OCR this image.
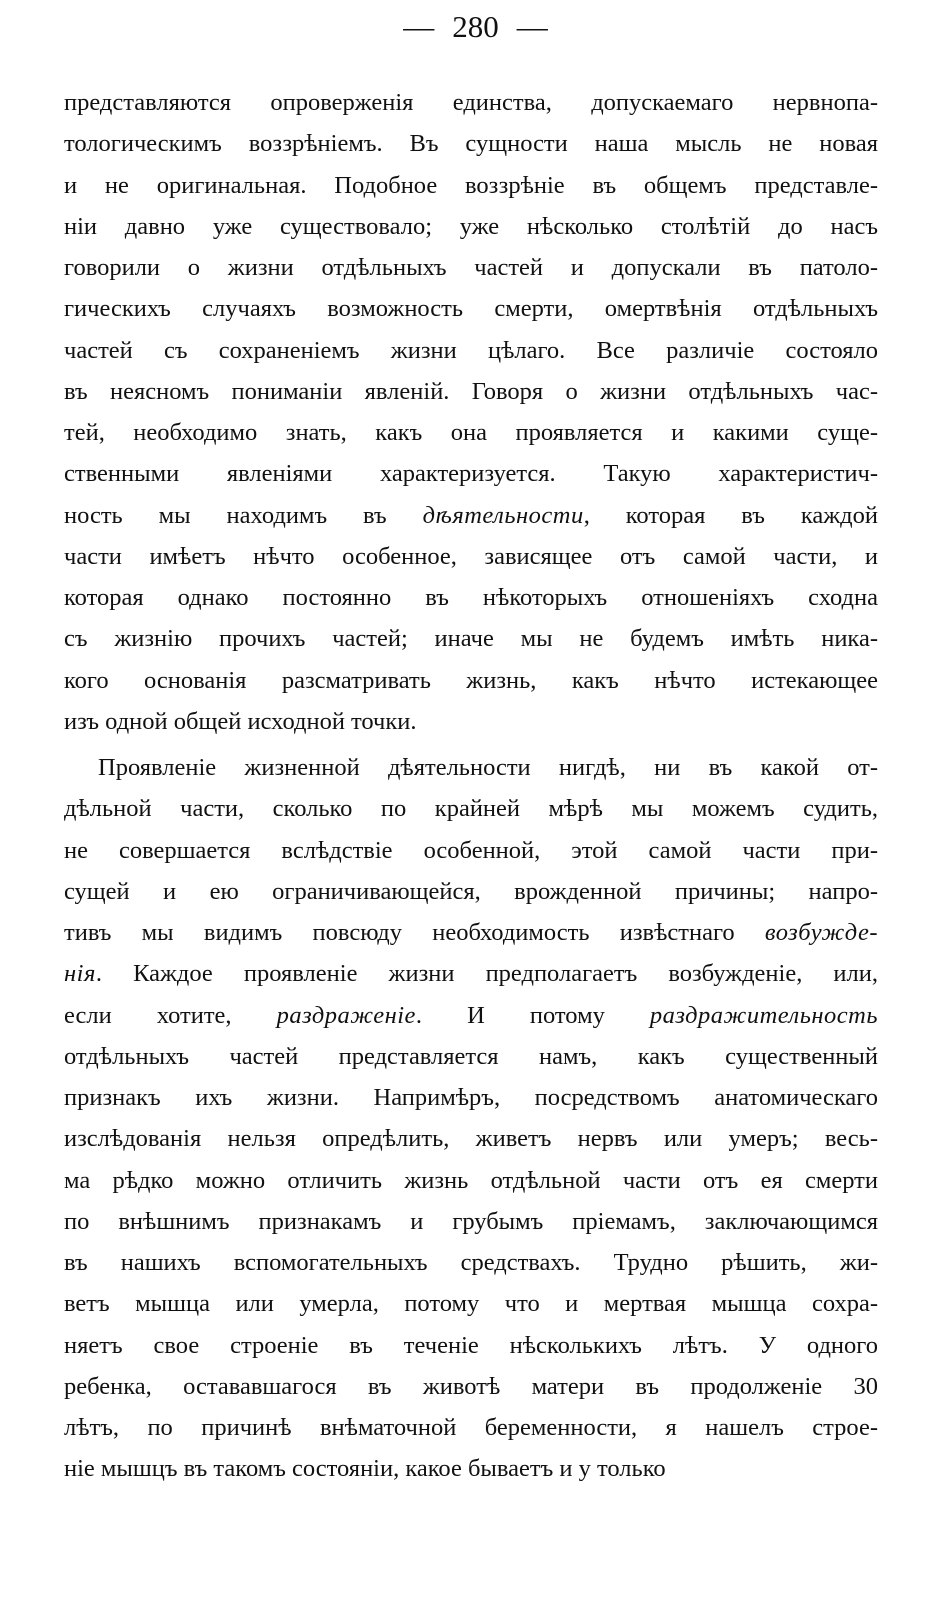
— 280 —
представляются опроверженія единства, допускаемаго нервнопа-
тологическимъ воззрѣніемъ. Въ сущности наша мысль не новая
и не оригинальная. Подобное воззрѣніе въ общемъ представле-
ніи давно уже существовало; уже нѣсколько столѣтій до насъ
говорили о жизни отдѣльныхъ частей и допускали въ патоло-
гическихъ случаяхъ возможность смерти, омертвѣнія отдѣльныхъ
частей съ сохраненіемъ жизни цѣлаго. Все различіе состояло
въ неясномъ пониманіи явленій. Говоря о жизни отдѣльныхъ час-
тей, необходимо знать, какъ она проявляется и какими суще-
ственными явленіями характеризуется. Такую характеристич-
ность мы находимъ въ дѣятельности, которая въ каждой
части имѣетъ нѣчто особенное, зависящее отъ самой части, и
которая однако постоянно въ нѣкоторыхъ отношеніяхъ сходна
съ жизнію прочихъ частей; иначе мы не будемъ имѣть ника-
кого основанія разсматривать жизнь, какъ нѣчто истекающее
изъ одной общей исходной точки.
Проявленіе жизненной дѣятельности нигдѣ, ни въ какой от-
дѣльной части, сколько по крайней мѣрѣ мы можемъ судить,
не совершается вслѣдствіе особенной, этой самой части при-
сущей и ею ограничивающейся, врожденной причины; напро-
тивъ мы видимъ повсюду необходимость извѣстнаго возбужде-
нія. Каждое проявленіе жизни предполагаетъ возбужденіе, или,
если хотите, раздраженіе. И потому раздражительность
отдѣльныхъ частей представляется намъ, какъ существенный
признакъ ихъ жизни. Напримѣръ, посредствомъ анатомическаго
изслѣдованія нельзя опредѣлить, живетъ нервъ или умеръ; весь-
ма рѣдко можно отличить жизнь отдѣльной части отъ ея смерти
по внѣшнимъ признакамъ и грубымъ пріемамъ, заключающимся
въ нашихъ вспомогательныхъ средствахъ. Трудно рѣшить, жи-
ветъ мышца или умерла, потому что и мертвая мышца сохра-
няетъ свое строеніе въ теченіе нѣсколькихъ лѣтъ. У одного
ребенка, остававшагося въ животѣ матери въ продолженіе 30
лѣтъ, по причинѣ внѣматочной беременности, я нашелъ строе-
ніе мышцъ въ такомъ состояніи, какое бываетъ и у только
